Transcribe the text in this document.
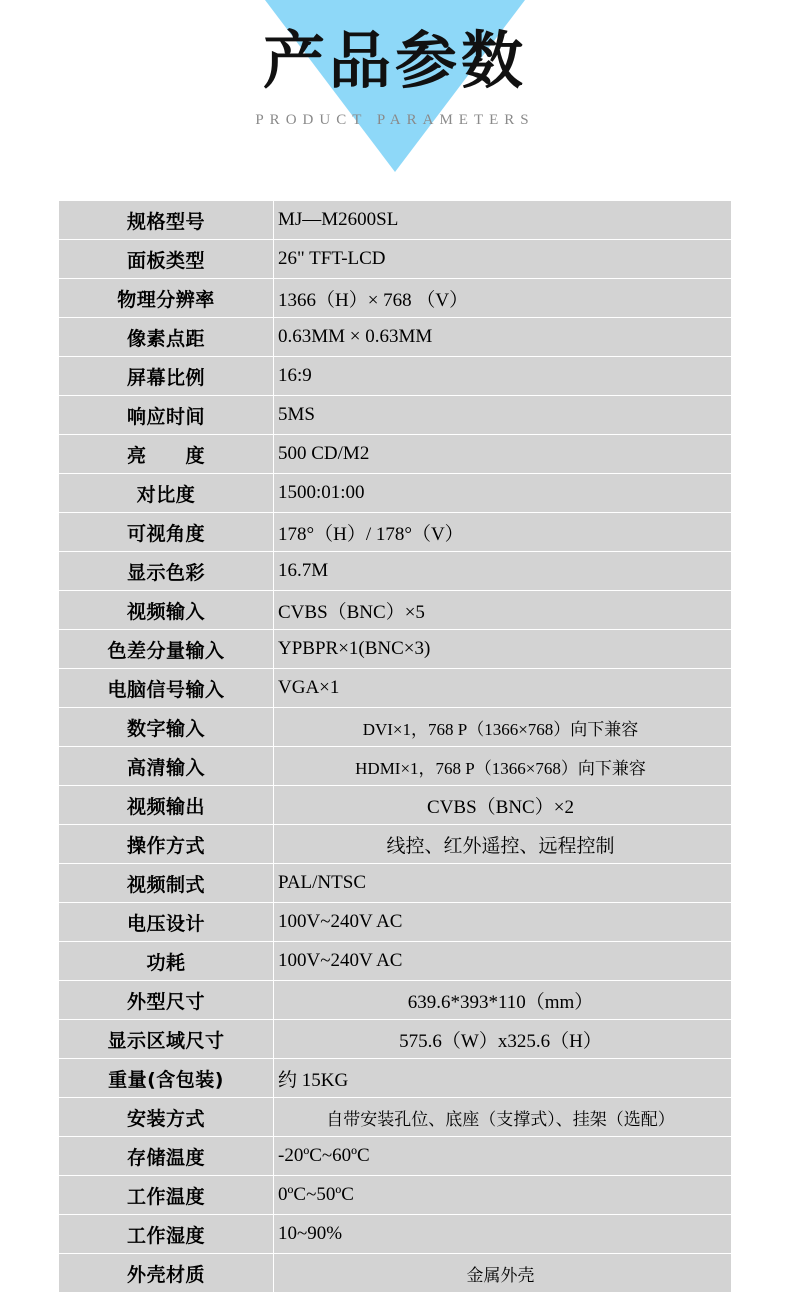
产品参数
PRODUCT PARAMETERS
规格型号	MJ—M2600SL
面板类型	26" TFT-LCD
物理分辨率	1366（H）× 768 （V）
像素点距	0.63MM × 0.63MM
屏幕比例	16:9
响应时间	5MS
亮　　度	500 CD/M2
对比度	1500:01:00
可视角度	178°（H）/ 178°（V）
显示色彩	16.7M
视频输入	CVBS（BNC）×5
色差分量输入	YPBPR×1(BNC×3)
电脑信号输入	VGA×1
数字输入	DVI×1，768 P（1366×768）向下兼容
高清输入	HDMI×1，768 P（1366×768）向下兼容
视频输出	CVBS（BNC）×2
操作方式	线控、红外遥控、远程控制
视频制式	PAL/NTSC
电压设计	100V~240V AC
功耗	100V~240V AC
外型尺寸	639.6*393*110（mm）
显示区域尺寸	575.6（W）x325.6（H）
重量(含包装)	约 15KG
安装方式	自带安装孔位、底座（支撑式）、挂架（选配）
存储温度	-20ºC~60ºC
工作温度	0ºC~50ºC
工作湿度	10~90%
外壳材质	金属外壳
